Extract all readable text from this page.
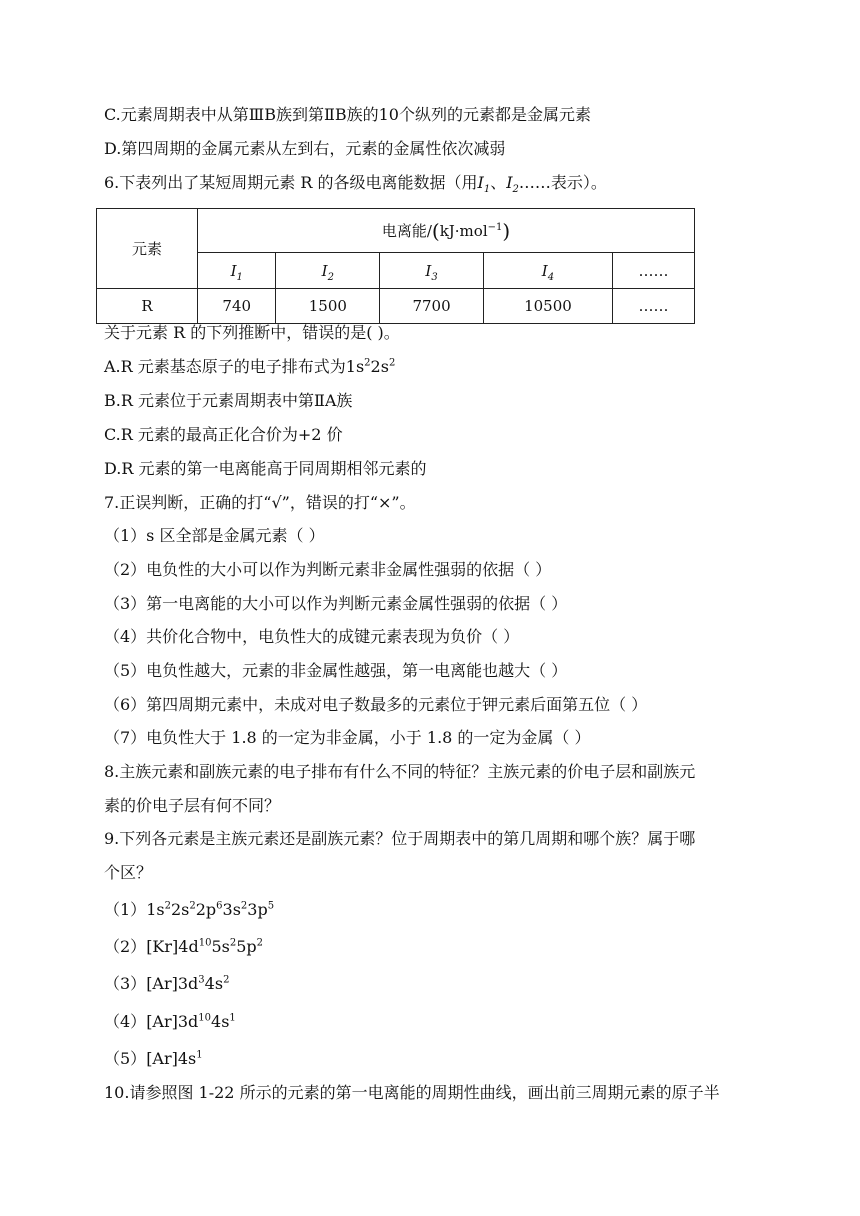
C.元素周期表中从第ⅢB族到第ⅡB族的10个纵列的元素都是金属元素
D.第四周期的金属元素从左到右，元素的金属性依次减弱
6.下表列出了某短周期元素 R 的各级电离能数据（用$I_1$、$I_2\dots\dots$表示）。
元素	电离能/(kJ·mol$^{-1}$)				
	$I_1$	$I_2$	$I_3$	$I_4$	……
R	740	1500	7700	10500	……
关于元素 R 的下列推断中，错误的是( )。
A.R 元素基态原子的电子排布式为$1s^22s^2$
B.R 元素位于元素周期表中第ⅡA族
C.R 元素的最高正化合价为+2 价
D.R 元素的第一电离能高于同周期相邻元素的
7.正误判断，正确的打“√”，错误的打“×”。
（1）s 区全部是金属元素（ ）
（2）电负性的大小可以作为判断元素非金属性强弱的依据（ ）
（3）第一电离能的大小可以作为判断元素金属性强弱的依据（ ）
（4）共价化合物中，电负性大的成键元素表现为负价（ ）
（5）电负性越大，元素的非金属性越强，第一电离能也越大（ ）
（6）第四周期元素中，未成对电子数最多的元素位于钾元素后面第五位（ ）
（7）电负性大于 1.8 的一定为非金属，小于 1.8 的一定为金属（ ）
8.主族元素和副族元素的电子排布有什么不同的特征？主族元素的价电子层和副族元
素的价电子层有何不同？
9.下列各元素是主族元素还是副族元素？位于周期表中的第几周期和哪个族？属于哪
个区？
$(1)1s^22s^22p^63s^23p^5$
$(2)[Kr]4d^{10}5s^25p^2$
$(3)[Ar]3d^34s^2$
$(4)[Ar]3d^{10}4s^1$
$(5)[Ar]4s^1$
10.请参照图 1-22 所示的元素的第一电离能的周期性曲线，画出前三周期元素的原子半
